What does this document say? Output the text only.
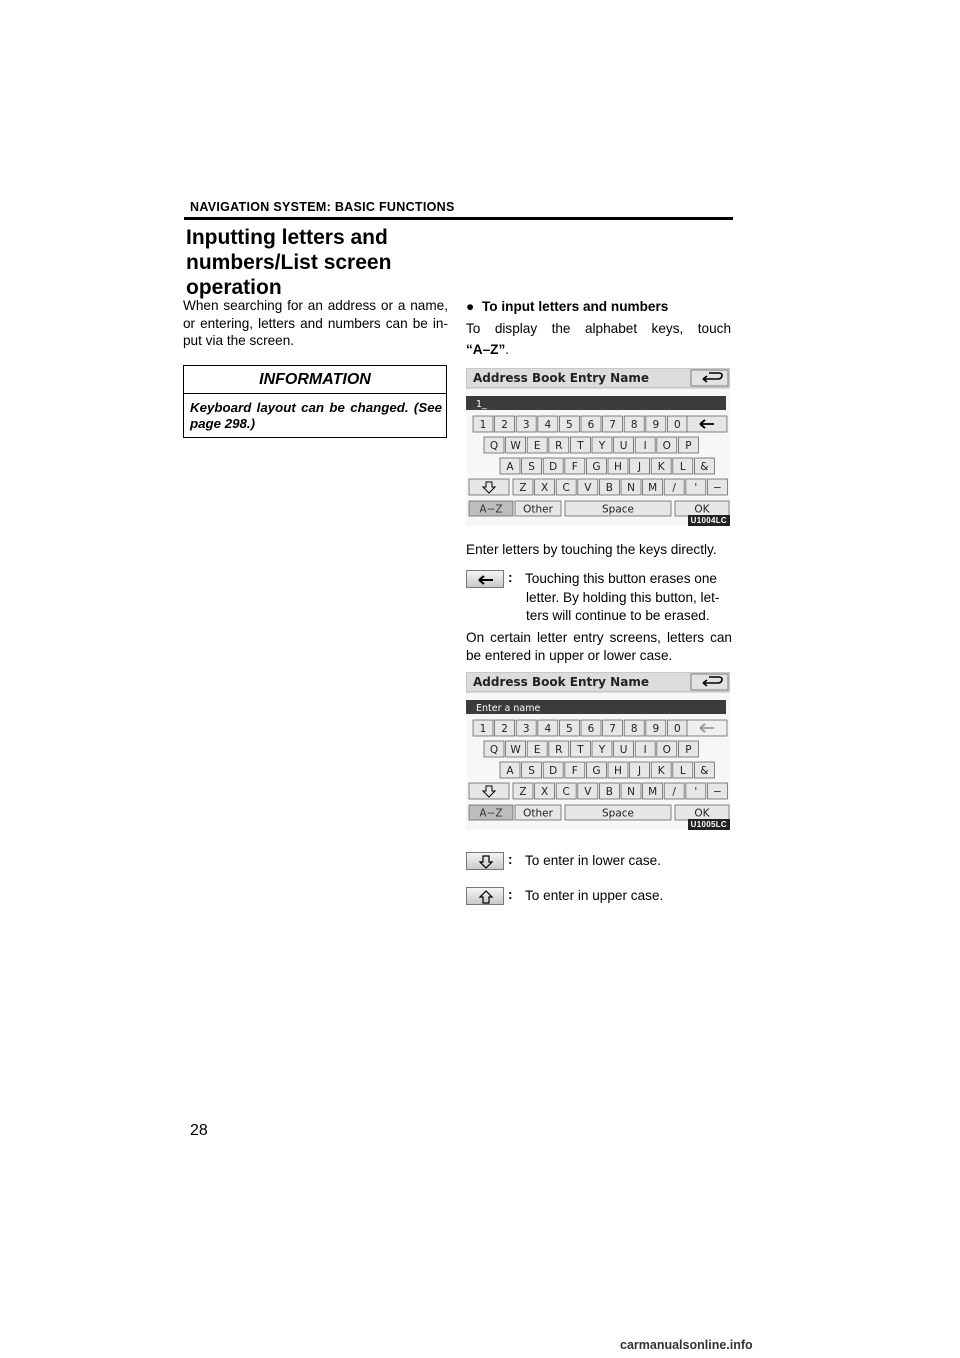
NAVIGATION SYSTEM: BASIC FUNCTIONS
Inputting letters and
numbers/List screen
operation
When searching for an address or a name, or entering, letters and numbers can be in- put via the screen.
INFORMATION
Keyboard layout can be changed. (See page 298.)
● To input letters and numbers
To display the alphabet keys, touch
“A–Z”.
Address Book Entry Name
1_
1 2 3 4 5 6 7 8 9 0
Q W E R T Y U I O P
A S D F G H J K L &
Z X C V B N M / ' −
A−Z Other	Space	OK
U1004LC
Enter letters by touching the keys directly.
: Touching this button erases one
letter. By holding this button, let-
ters will continue to be erased.
On certain letter entry screens, letters can be entered in upper or lower case.
Address Book Entry Name
Enter a name
1 2 3 4 5 6 7 8 9 0
Q W E R T Y U I O P
A S D F G H J K L &
Z X C V B N M / ' −
A−Z Other	Space	OK
U1005LC
: To enter in lower case.
: To enter in upper case.
28
carmanualsonline.info
